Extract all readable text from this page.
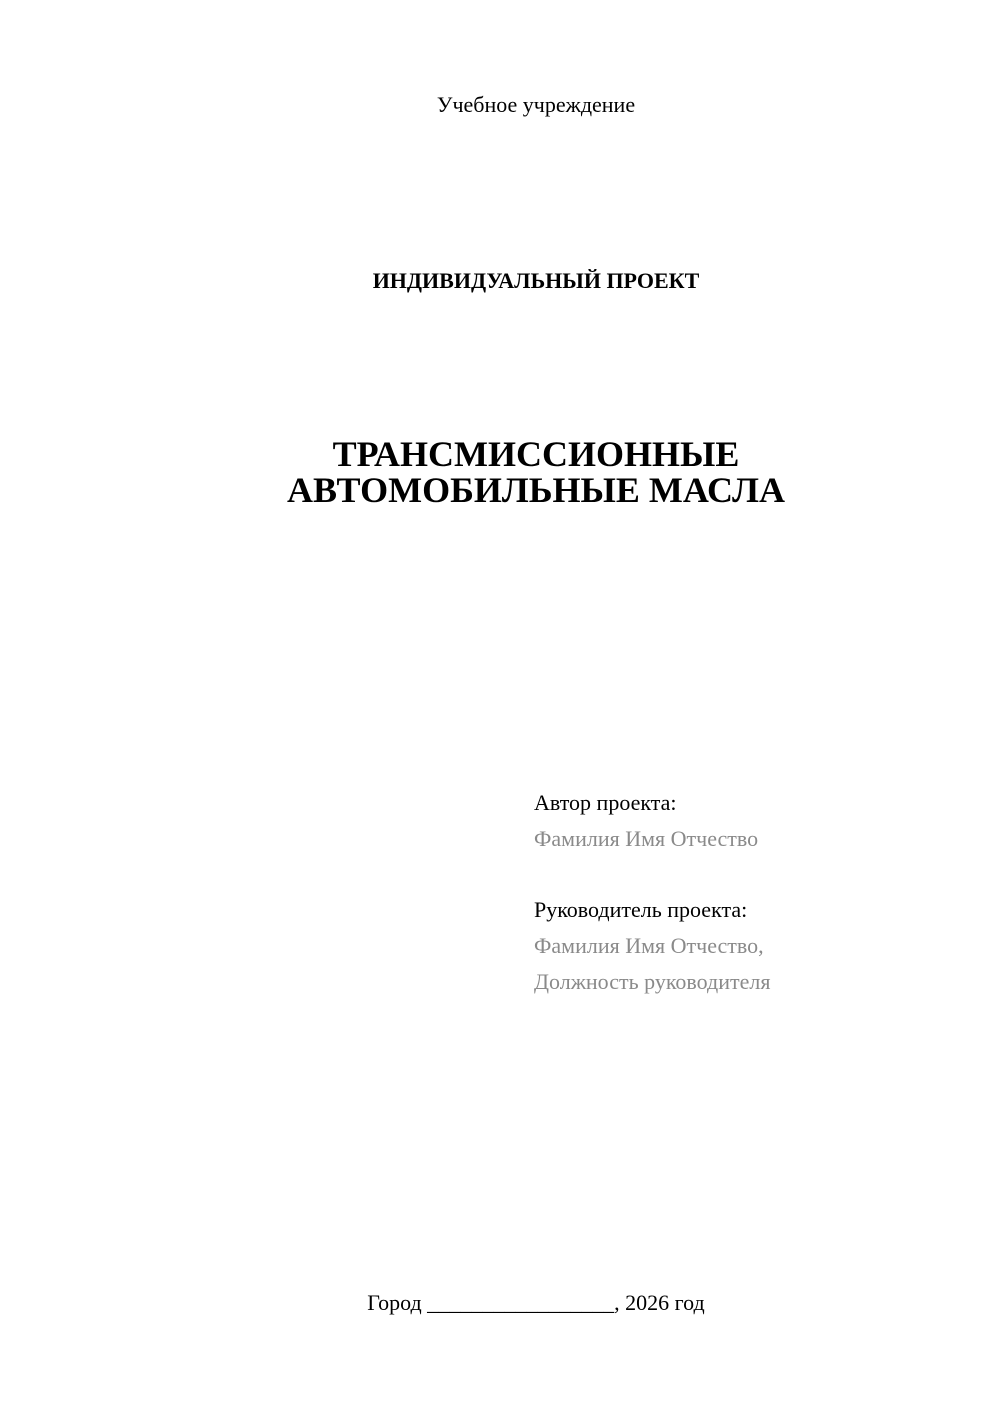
Учебное учреждение
ИНДИВИДУАЛЬНЫЙ ПРОЕКТ
ТРАНСМИССИОННЫЕ
АВТОМОБИЛЬНЫЕ МАСЛА
Автор проекта:
Фамилия Имя Отчество
Руководитель проекта:
Фамилия Имя Отчество,
Должность руководителя
Город _________________, 2026 год
